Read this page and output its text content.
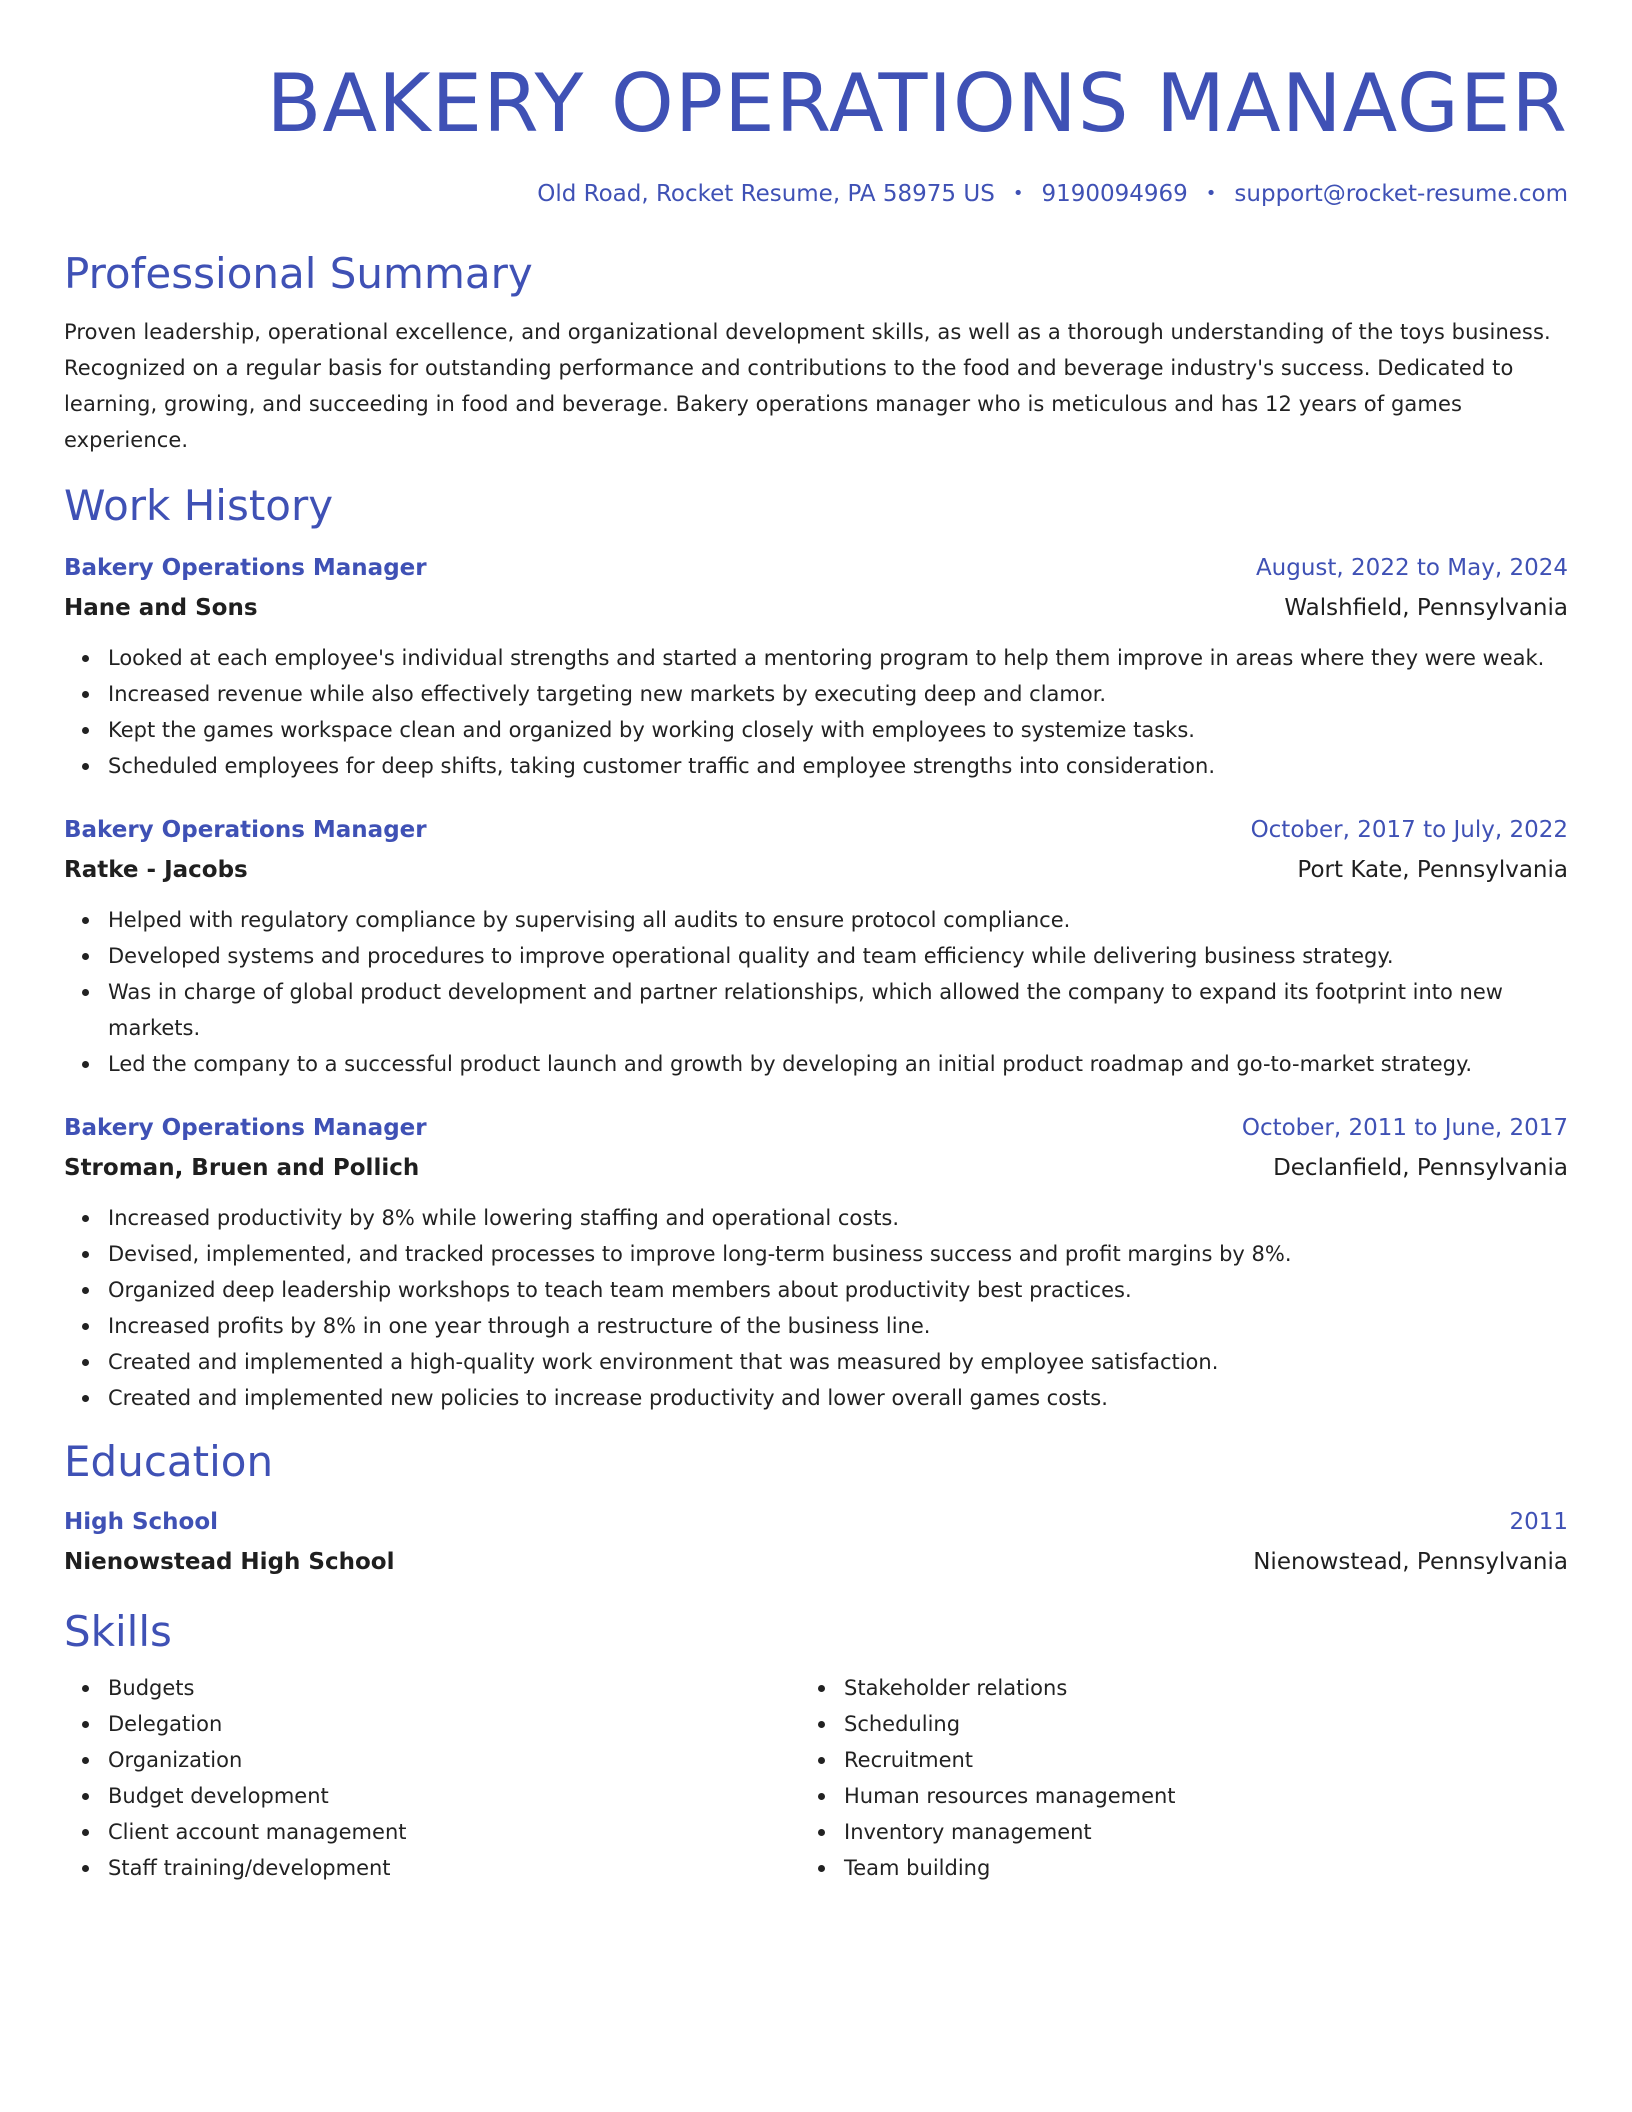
BAKERY OPERATIONS MANAGER
Old Road, Rocket Resume, PA 58975 US • 9190094969 • support@rocket-resume.com
Professional Summary
Proven leadership, operational excellence, and organizational development skills, as well as a thorough understanding of the toys business. Recognized on a regular basis for outstanding performance and contributions to the food and beverage industry's success. Dedicated to learning, growing, and succeeding in food and beverage. Bakery operations manager who is meticulous and has 12 years of games experience.
Work History
Bakery Operations Manager	August, 2022 to May, 2024
Hane and Sons	Walshfield, Pennsylvania
Looked at each employee's individual strengths and started a mentoring program to help them improve in areas where they were weak.
Increased revenue while also effectively targeting new markets by executing deep and clamor.
Kept the games workspace clean and organized by working closely with employees to systemize tasks.
Scheduled employees for deep shifts, taking customer traffic and employee strengths into consideration.
Bakery Operations Manager	October, 2017 to July, 2022
Ratke - Jacobs	Port Kate, Pennsylvania
Helped with regulatory compliance by supervising all audits to ensure protocol compliance.
Developed systems and procedures to improve operational quality and team efficiency while delivering business strategy.
Was in charge of global product development and partner relationships, which allowed the company to expand its footprint into new markets.
Led the company to a successful product launch and growth by developing an initial product roadmap and go-to-market strategy.
Bakery Operations Manager	October, 2011 to June, 2017
Stroman, Bruen and Pollich	Declanfield, Pennsylvania
Increased productivity by 8% while lowering staffing and operational costs.
Devised, implemented, and tracked processes to improve long-term business success and profit margins by 8%.
Organized deep leadership workshops to teach team members about productivity best practices.
Increased profits by 8% in one year through a restructure of the business line.
Created and implemented a high-quality work environment that was measured by employee satisfaction.
Created and implemented new policies to increase productivity and lower overall games costs.
Education
High School	2011
Nienowstead High School	Nienowstead, Pennsylvania
Skills
Budgets
Delegation
Organization
Budget development
Client account management
Staff training/development
Stakeholder relations
Scheduling
Recruitment
Human resources management
Inventory management
Team building
